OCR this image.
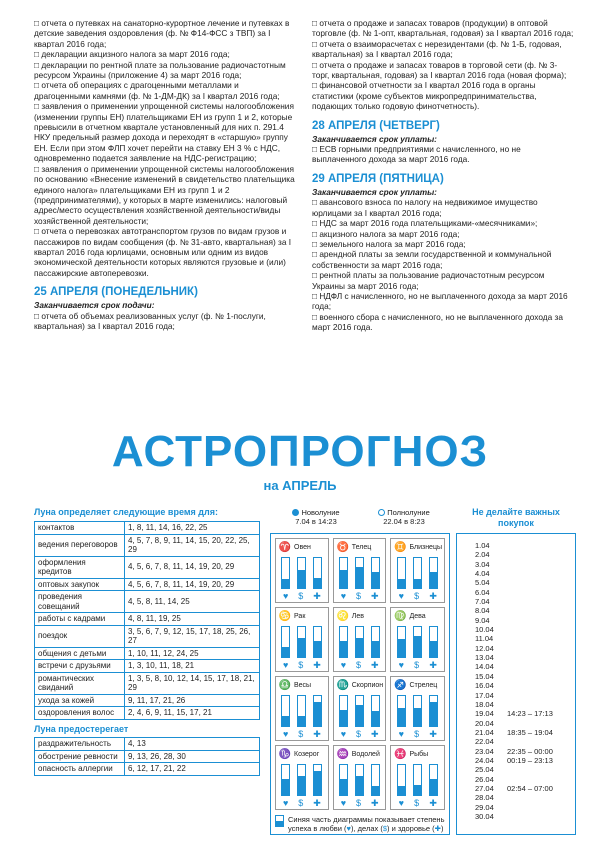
□ отчета о путевках на санаторно-курортное лечение и путевках в детские заведения оздоровления (ф. № Ф14-ФСС з ТВП) за I квартал 2016 года;

□ декларации акцизного налога за март 2016 года;

□ декларации по рентной плате за пользование радиочастотным ресурсом Украины (приложение 4) за март 2016 года;

□ отчета об операциях с драгоценными металлами и драгоценными камнями (ф. № 1-ДМ-ДК) за I квартал 2016 года;

□ заявления о применении упрощенной системы налогообложения (изменении группы ЕН) плательщиками ЕН из групп 1 и 2, которые превысили в отчетном квартале установленный для них п. 291.4 НКУ предельный размер дохода и переходят в «старшую» группу ЕН. Если при этом ФЛП хочет перейти на ставку ЕН 3 % с НДС, одновременно подается заявление на НДС-регистрацию;

□ заявления о применении упрощенной системы налогообложения по основанию «Внесение изменений в свидетельство плательщика единого налога» плательщиками ЕН из групп 1 и 2 (предпринимателями), у которых в марте изменились: налоговый адрес/место осуществления хозяйственной деятельности/виды хозяйственной деятельности;

□ отчета о перевозках автотранспортом грузов по видам грузов и пассажиров по видам сообщения (ф. № 31-авто, квартальная) за I квартал 2016 года юрлицами, основным или одним из видов экономической деятельности которых являются грузовые и (или) пассажирские автоперевозки.

25 АПРЕЛЯ (ПОНЕДЕЛЬНИК)

Заканчивается срок подачи:

□ отчета об объемах реализованных услуг (ф. № 1-послуги, квартальная) за I квартал 2016 года;

□ отчета о продаже и запасах товаров (продукции) в оптовой торговле (ф. № 1-опт, квартальная, годовая) за I квартал 2016 года;

□ отчета о взаиморасчетах с нерезидентами (ф. № 1-Б, годовая, квартальная) за I квартал 2016 года;

□ отчета о продаже и запасах товаров в торговой сети (ф. № 3-торг, квартальная, годовая) за I квартал 2016 года (новая форма);

□ финансовой отчетности за I квартал 2016 года в органы статистики (кроме субъектов микропредпринимательства, подающих только годовую финотчетность).

28 АПРЕЛЯ (ЧЕТВЕРГ)

Заканчивается срок уплаты:

□ ЕСВ горными предприятиями с начисленного, но не выплаченного дохода за март 2016 года.

29 АПРЕЛЯ (ПЯТНИЦА)

Заканчивается срок уплаты:

□ авансового взноса по налогу на недвижимое имущество юрлицами за I квартал 2016 года;

□ НДС за март 2016 года плательщиками-«месячниками»;

□ акцизного налога за март 2016 года;

□ земельного налога за март 2016 года;

□ арендной платы за земли государственной и коммунальной собственности за март 2016 года;

□ рентной платы за пользование радиочастотным ресурсом Украины за март 2016 года;

□ НДФЛ с начисленного, но не выплаченного дохода за март 2016 года;

□ военного сбора с начисленного, но не выплаченного дохода за март 2016 года.

АСТРОПРОГНОЗ
на АПРЕЛЬ
Луна определяет следующие время для:
контактов	1, 8, 11, 14, 16, 22, 25
ведения переговоров	4, 5, 7, 8, 9, 11, 14, 15, 20, 22, 25, 29
оформления кредитов	4, 5, 6, 7, 8, 11, 14, 19, 20, 29
оптовых закупок	4, 5, 6, 7, 8, 11, 14, 19, 20, 29
проведения совещаний	4, 5, 8, 11, 14, 25
работы с кадрами	4, 8, 11, 19, 25
поездок	3, 5, 6, 7, 9, 12, 15, 17, 18, 25, 26, 27
общения с детьми	1, 10, 11, 12, 24, 25
встречи с друзьями	1, 3, 10, 11, 18, 21
романтических свиданий	1, 3, 5, 8, 10, 12, 14, 15, 17, 18, 21, 29
ухода за кожей	9, 11, 17, 21, 26
оздоровления волос	2, 4, 6, 9, 11, 15, 17, 21
Луна предостерегает
раздражительность	4, 13
обострение ревности	9, 13, 26, 28, 30
опасность аллергии	6, 12, 17, 21, 22
Новолуние
7.04 в 14:23
Полнолуние
22.04 в 8:23
♈ Овен
♥ $ ✚
♉ Телец
♥ $ ✚
♊ Близнецы
♥ $ ✚
♋ Рак
♥ $ ✚
♌ Лев
♥ $ ✚
♍ Дева
♥ $ ✚
♎ Весы
♥ $ ✚
♏ Скорпион
♥ $ ✚
♐ Стрелец
♥ $ ✚
♑ Козерог
♥ $ ✚
♒ Водолей
♥ $ ✚
♓ Рыбы
♥ $ ✚
Синяя часть диаграммы показывает степень успеха в любви (♥), делах ($) и здоровье (✚)
Не делайте важных покупок
1.04
2.04
3.04
4.04
5.04
6.04
7.04
8.04
9.04
10.04
11.04
12.04
13.04
14.04
15.04
16.04
17.04
18.04
19.04	14:23 – 17:13
20.04
21.04	18:35 – 19:04
22.04
23.04	22:35 – 00:00
24.04	00:19 – 23:13
25.04
26.04
27.04	02:54 – 07:00
28.04
29.04
30.04
